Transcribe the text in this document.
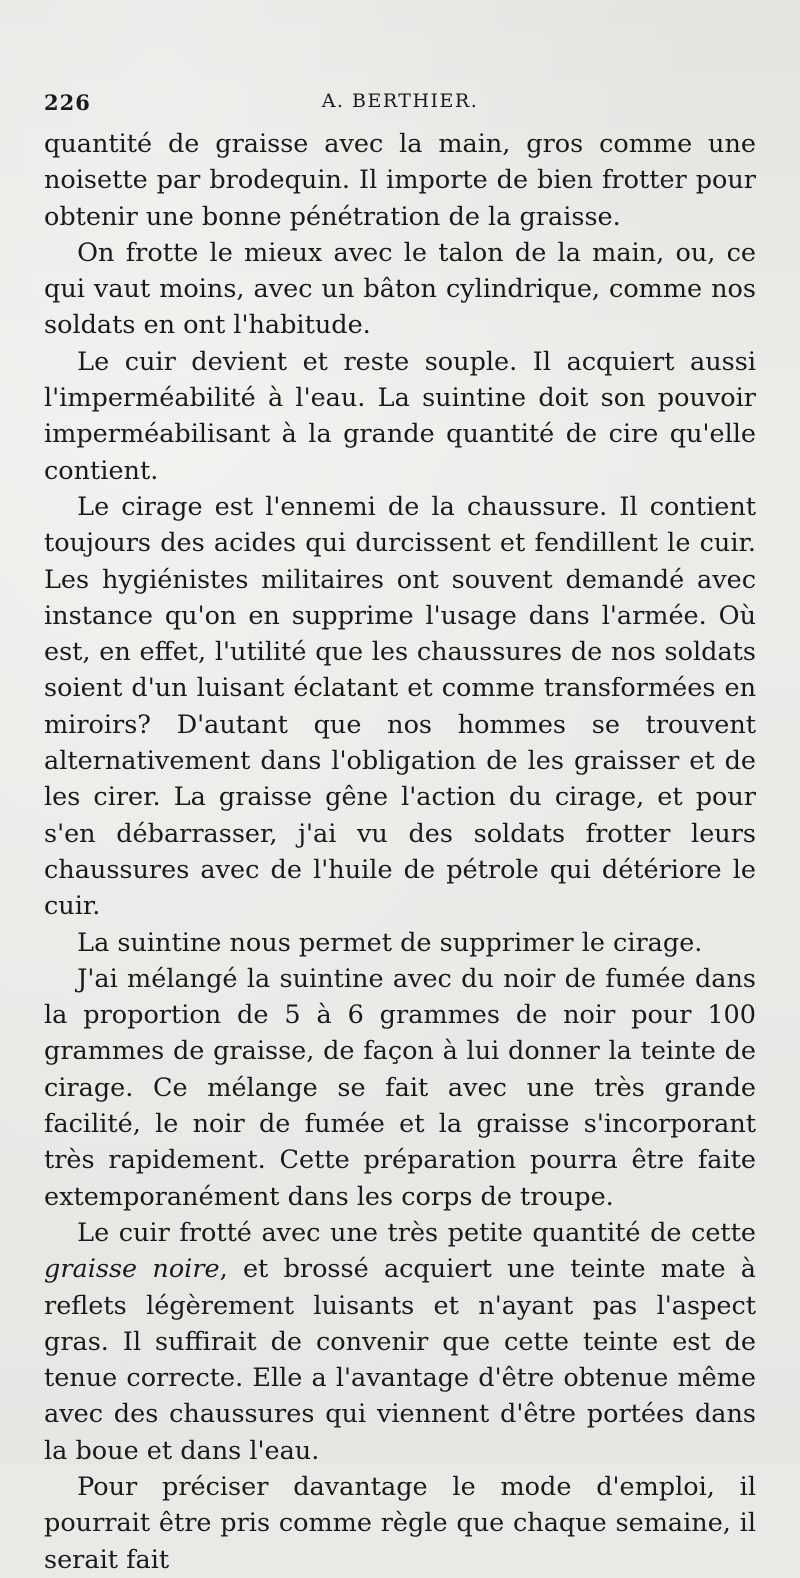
226	A. BERTHIER.

quantité de graisse avec la main, gros comme une noisette par brodequin. Il importe de bien frotter pour obtenir une bonne pénétration de la graisse.

On frotte le mieux avec le talon de la main, ou, ce qui vaut moins, avec un bâton cylindrique, comme nos soldats en ont l'habitude.

Le cuir devient et reste souple. Il acquiert aussi l'imperméabilité à l'eau. La suintine doit son pouvoir imperméabilisant à la grande quantité de cire qu'elle contient.

Le cirage est l'ennemi de la chaussure. Il contient toujours des acides qui durcissent et fendillent le cuir. Les hygiénistes militaires ont souvent demandé avec instance qu'on en supprime l'usage dans l'armée. Où est, en effet, l'utilité que les chaussures de nos soldats soient d'un luisant éclatant et comme transformées en miroirs? D'autant que nos hommes se trouvent alternativement dans l'obligation de les graisser et de les cirer. La graisse gêne l'action du cirage, et pour s'en débarrasser, j'ai vu des soldats frotter leurs chaussures avec de l'huile de pétrole qui détériore le cuir.

La suintine nous permet de supprimer le cirage.

J'ai mélangé la suintine avec du noir de fumée dans la proportion de 5 à 6 grammes de noir pour 100 grammes de graisse, de façon à lui donner la teinte de cirage. Ce mélange se fait avec une très grande facilité, le noir de fumée et la graisse s'incorporant très rapidement. Cette préparation pourra être faite extemporanément dans les corps de troupe.

Le cuir frotté avec une très petite quantité de cette graisse noire, et brossé acquiert une teinte mate à reflets légèrement luisants et n'ayant pas l'aspect gras. Il suffirait de convenir que cette teinte est de tenue correcte. Elle a l'avantage d'être obtenue même avec des chaussures qui viennent d'être portées dans la boue et dans l'eau.

Pour préciser davantage le mode d'emploi, il pourrait être pris comme règle que chaque semaine, il serait fait
